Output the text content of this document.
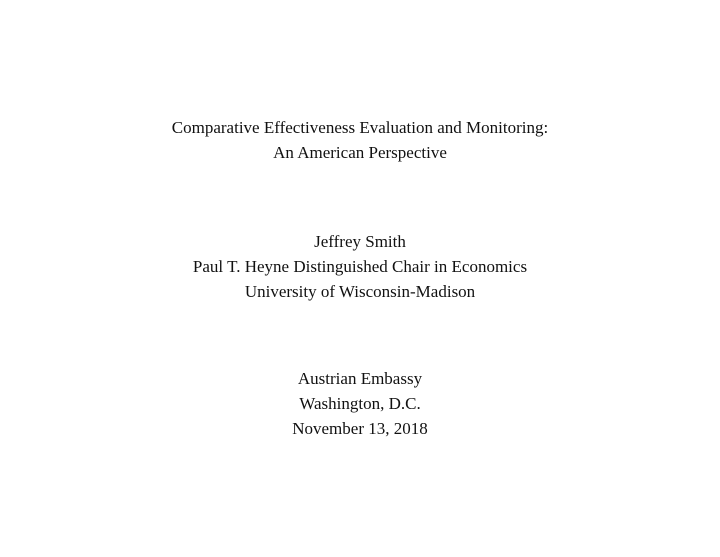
Comparative Effectiveness Evaluation and Monitoring:
An American Perspective
Jeffrey Smith
Paul T. Heyne Distinguished Chair in Economics
University of Wisconsin-Madison
Austrian Embassy
Washington, D.C.
November 13, 2018
